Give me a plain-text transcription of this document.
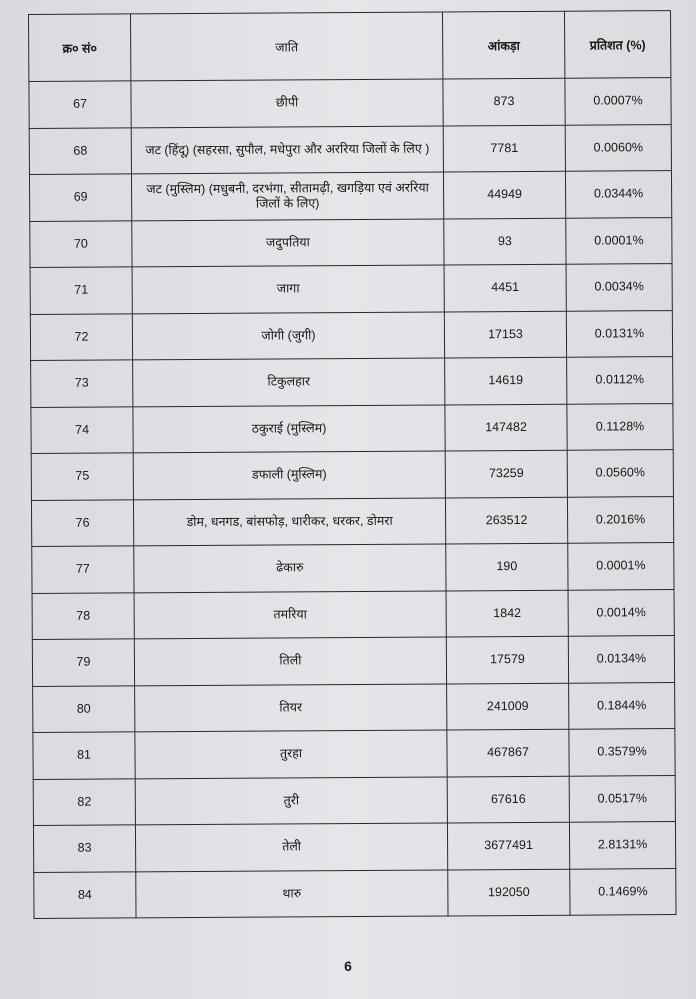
क्र० सं०	जाति	आंकड़ा	प्रतिशत (%)
67	छीपी	873	0.0007%
68	जट (हिंदू) (सहरसा, सुपौल, मधेपुरा और अररिया जिलों के लिए )	7781	0.0060%
69	जट (मुस्लिम) (मधुबनी, दरभंगा, सीतामढ़ी, खगड़िया एवं अररिया जिलों के लिए)	44949	0.0344%
70	जदुपतिया	93	0.0001%
71	जागा	4451	0.0034%
72	जोगी (जुगी)	17153	0.0131%
73	टिकुलहार	14619	0.0112%
74	ठकुराई (मुस्लिम)	147482	0.1128%
75	डफाली (मुस्लिम)	73259	0.0560%
76	डोम, धनगड, बांसफोड़, धारीकर, धरकर, डोमरा	263512	0.2016%
77	ढेकारु	190	0.0001%
78	तमरिया	1842	0.0014%
79	तिली	17579	0.0134%
80	तियर	241009	0.1844%
81	तुरहा	467867	0.3579%
82	तुरी	67616	0.0517%
83	तेली	3677491	2.8131%
84	थारु	192050	0.1469%
6
